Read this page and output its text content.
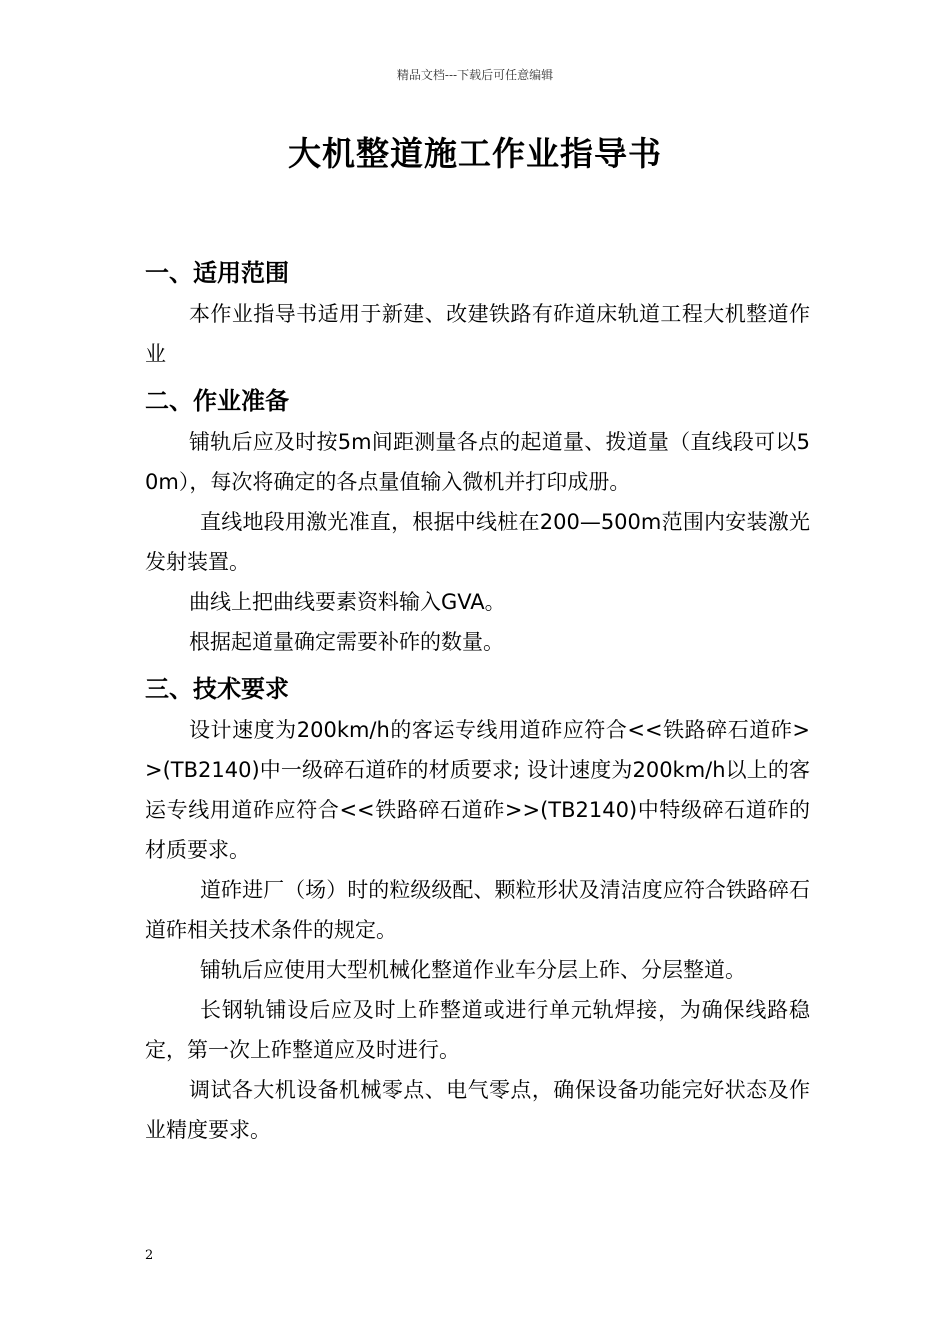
精品文档---下载后可任意编辑
大机整道施工作业指导书
一、适用范围

本作业指导书适用于新建、改建铁路有砟道床轨道工程大机整道作业

二、作业准备

铺轨后应及时按5m间距测量各点的起道量、拨道量（直线段可以50m），每次将确定的各点量值输入微机并打印成册。

直线地段用激光准直，根据中线桩在200—500m范围内安装激光发射装置。

曲线上把曲线要素资料输入GVA。

根据起道量确定需要补砟的数量。

三、技术要求

设计速度为200km/h的客运专线用道砟应符合<<铁路碎石道砟>>(TB2140)中一级碎石道砟的材质要求; 设计速度为200km/h以上的客运专线用道砟应符合<<铁路碎石道砟>>(TB2140)中特级碎石道砟的材质要求。

道砟进厂（场）时的粒级级配、颗粒形状及清洁度应符合铁路碎石道砟相关技术条件的规定。

铺轨后应使用大型机械化整道作业车分层上砟、分层整道。

长钢轨铺设后应及时上砟整道或进行单元轨焊接，为确保线路稳定，第一次上砟整道应及时进行。

调试各大机设备机械零点、电气零点，确保设备功能完好状态及作业精度要求。

2
